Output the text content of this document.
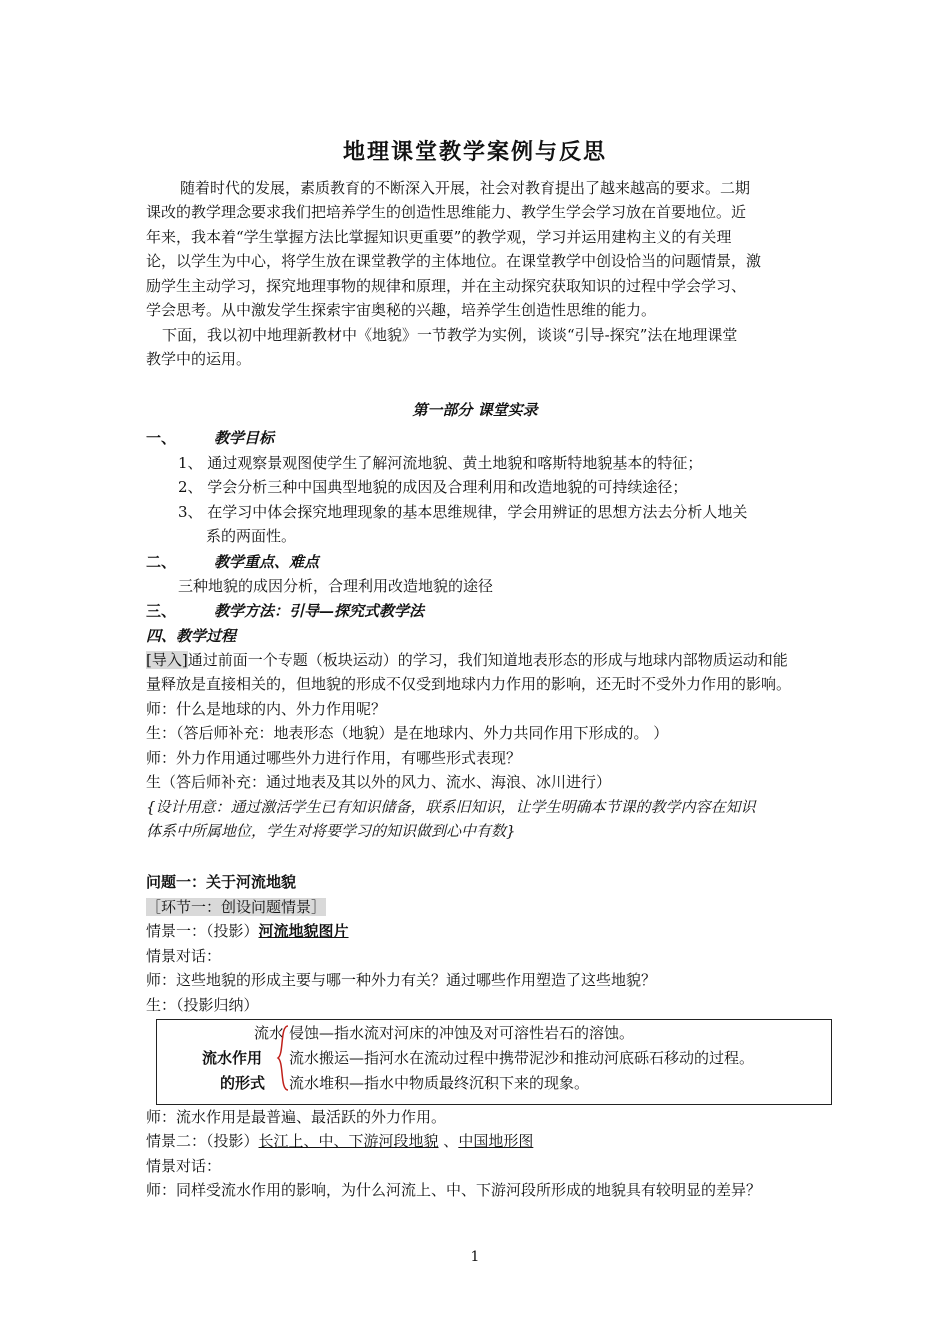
地理课堂教学案例与反思
随着时代的发展，素质教育的不断深入开展，社会对教育提出了越来越高的要求。二期
课改的教学理念要求我们把培养学生的创造性思维能力、教学生学会学习放在首要地位。近
年来，我本着“学生掌握方法比掌握知识更重要”的教学观，学习并运用建构主义的有关理
论，以学生为中心，将学生放在课堂教学的主体地位。在课堂教学中创设恰当的问题情景，激
励学生主动学习，探究地理事物的规律和原理，并在主动探究获取知识的过程中学会学习、
学会思考。从中激发学生探索宇宙奥秘的兴趣，培养学生创造性思维的能力。
下面，我以初中地理新教材中《地貌》一节教学为实例，谈谈“引导-探究”法在地理课堂
教学中的运用。
第一部分 课堂实录
一、	教学目标
1、 通过观察景观图使学生了解河流地貌、黄土地貌和喀斯特地貌基本的特征；
2、 学会分析三种中国典型地貌的成因及合理利用和改造地貌的可持续途径；
3、 在学习中体会探究地理现象的基本思维规律，学会用辨证的思想方法去分析人地关
系的两面性。
二、	教学重点、难点
三种地貌的成因分析，合理利用改造地貌的途径
三、	教学方法：引导—探究式教学法
四、教学过程
[导入]通过前面一个专题（板块运动）的学习，我们知道地表形态的形成与地球内部物质运动和能
量释放是直接相关的，但地貌的形成不仅受到地球内力作用的影响，还无时不受外力作用的影响。
师：什么是地球的内、外力作用呢？
生：（答后师补充：地表形态（地貌）是在地球内、外力共同作用下形成的。 ）
师：外力作用通过哪些外力进行作用，有哪些形式表现？
生（答后师补充：通过地表及其以外的风力、流水、海浪、冰川进行）
{设计用意：通过激活学生已有知识储备，联系旧知识，让学生明确本节课的教学内容在知识
体系中所属地位，学生对将要学习的知识做到心中有数}
问题一：关于河流地貌
［环节一：创设问题情景］
情景一：（投影）河流地貌图片
情景对话：
师：这些地貌的形成主要与哪一种外力有关？通过哪些作用塑造了这些地貌？
生：（投影归纳）
流水
流水作用
的形式
侵蚀—指水流对河床的冲蚀及对可溶性岩石的溶蚀。
流水搬运—指河水在流动过程中携带泥沙和推动河底砾石移动的过程。
流水堆积—指水中物质最终沉积下来的现象。
师：流水作用是最普遍、最活跃的外力作用。
情景二：（投影）长江上、中、下游河段地貌 、中国地形图
情景对话：
师：同样受流水作用的影响，为什么河流上、中、下游河段所形成的地貌具有较明显的差异？
1
